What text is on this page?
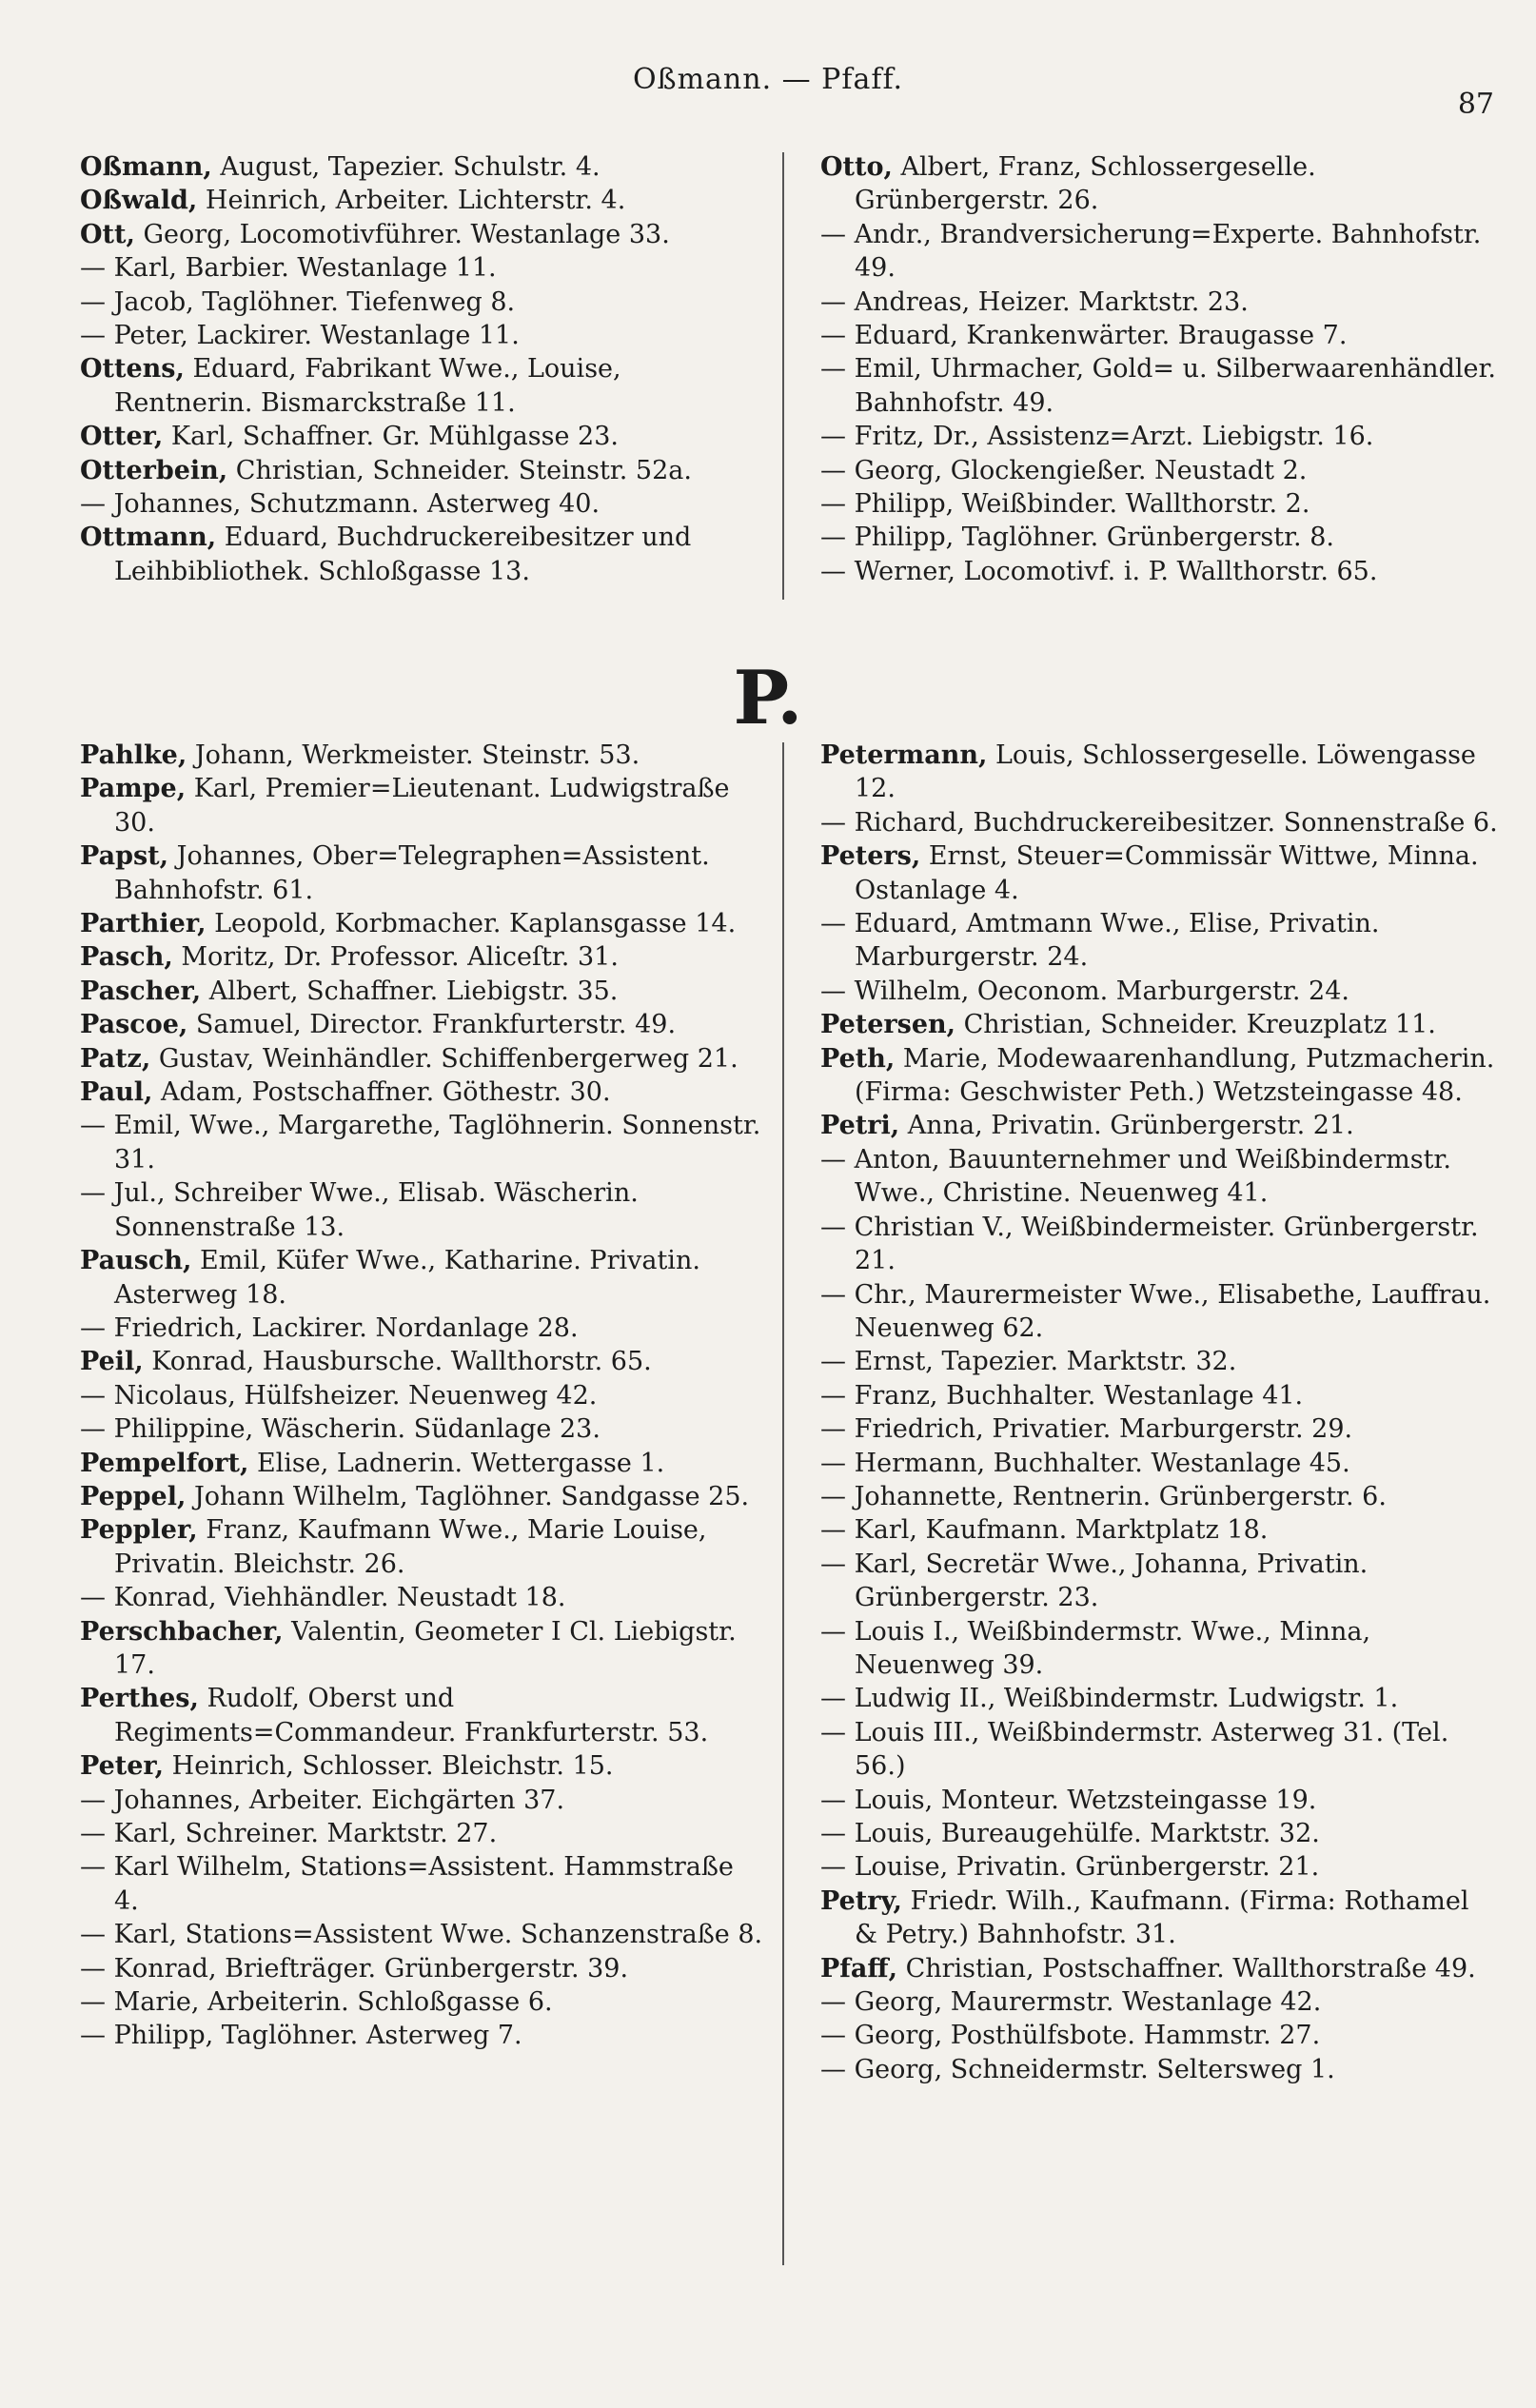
Oßmann. — Pfaff.
87
Oßmann, August, Tapezier. Schulstr. 4.
Oßwald, Heinrich, Arbeiter. Lichterstr. 4.
Ott, Georg, Locomotivführer. Westanlage 33.
— Karl, Barbier. Westanlage 11.
— Jacob, Taglöhner. Tiefenweg 8.
— Peter, Lackirer. Westanlage 11.
Ottens, Eduard, Fabrikant Wwe., Louise, Rentnerin. Bismarckstraße 11.
Otter, Karl, Schaffner. Gr. Mühlgasse 23.
Otterbein, Christian, Schneider. Steinstr. 52a.
— Johannes, Schutzmann. Asterweg 40.
Ottmann, Eduard, Buchdruckereibesitzer und Leihbibliothek. Schloßgasse 13.
Otto, Albert, Franz, Schlossergeselle. Grünbergerstr. 26.
— Andr., Brandversicherung=Experte. Bahnhofstr. 49.
— Andreas, Heizer. Marktstr. 23.
— Eduard, Krankenwärter. Braugasse 7.
— Emil, Uhrmacher, Gold= u. Silberwaarenhändler. Bahnhofstr. 49.
— Fritz, Dr., Assistenz=Arzt. Liebigstr. 16.
— Georg, Glockengießer. Neustadt 2.
— Philipp, Weißbinder. Wallthorstr. 2.
— Philipp, Taglöhner. Grünbergerstr. 8.
— Werner, Locomotivf. i. P. Wallthorstr. 65.
P.
Pahlke, Johann, Werkmeister. Steinstr. 53.
Pampe, Karl, Premier=Lieutenant. Ludwigstraße 30.
Papst, Johannes, Ober=Telegraphen=Assistent. Bahnhofstr. 61.
Parthier, Leopold, Korbmacher. Kaplansgasse 14.
Pasch, Moritz, Dr. Professor. Aliceſtr. 31.
Pascher, Albert, Schaffner. Liebigstr. 35.
Pascoe, Samuel, Director. Frankfurterstr. 49.
Patz, Gustav, Weinhändler. Schiffenbergerweg 21.
Paul, Adam, Postschaffner. Göthestr. 30.
— Emil, Wwe., Margarethe, Taglöhnerin. Sonnenstr. 31.
— Jul., Schreiber Wwe., Elisab. Wäscherin. Sonnenstraße 13.
Pausch, Emil, Küfer Wwe., Katharine. Privatin. Asterweg 18.
— Friedrich, Lackirer. Nordanlage 28.
Peil, Konrad, Hausbursche. Wallthorstr. 65.
— Nicolaus, Hülfsheizer. Neuenweg 42.
— Philippine, Wäscherin. Südanlage 23.
Pempelfort, Elise, Ladnerin. Wettergasse 1.
Peppel, Johann Wilhelm, Taglöhner. Sandgasse 25.
Peppler, Franz, Kaufmann Wwe., Marie Louise, Privatin. Bleichstr. 26.
— Konrad, Viehhändler. Neustadt 18.
Perschbacher, Valentin, Geometer I Cl. Liebigstr. 17.
Perthes, Rudolf, Oberst und Regiments=Commandeur. Frankfurterstr. 53.
Peter, Heinrich, Schlosser. Bleichstr. 15.
— Johannes, Arbeiter. Eichgärten 37.
— Karl, Schreiner. Marktstr. 27.
— Karl Wilhelm, Stations=Assistent. Hammstraße 4.
— Karl, Stations=Assistent Wwe. Schanzenstraße 8.
— Konrad, Briefträger. Grünbergerstr. 39.
— Marie, Arbeiterin. Schloßgasse 6.
— Philipp, Taglöhner. Asterweg 7.
Petermann, Louis, Schlossergeselle. Löwengasse 12.
— Richard, Buchdruckereibesitzer. Sonnenstraße 6.
Peters, Ernst, Steuer=Commissär Wittwe, Minna. Ostanlage 4.
— Eduard, Amtmann Wwe., Elise, Privatin. Marburgerstr. 24.
— Wilhelm, Oeconom. Marburgerstr. 24.
Petersen, Christian, Schneider. Kreuzplatz 11.
Peth, Marie, Modewaarenhandlung, Putzmacherin. (Firma: Geschwister Peth.) Wetzsteingasse 48.
Petri, Anna, Privatin. Grünbergerstr. 21.
— Anton, Bauunternehmer und Weißbindermstr. Wwe., Christine. Neuenweg 41.
— Christian V., Weißbindermeister. Grünbergerstr. 21.
— Chr., Maurermeister Wwe., Elisabethe, Lauffrau. Neuenweg 62.
— Ernst, Tapezier. Marktstr. 32.
— Franz, Buchhalter. Westanlage 41.
— Friedrich, Privatier. Marburgerstr. 29.
— Hermann, Buchhalter. Westanlage 45.
— Johannette, Rentnerin. Grünbergerstr. 6.
— Karl, Kaufmann. Marktplatz 18.
— Karl, Secretär Wwe., Johanna, Privatin. Grünbergerstr. 23.
— Louis I., Weißbindermstr. Wwe., Minna, Neuenweg 39.
— Ludwig II., Weißbindermstr. Ludwigstr. 1.
— Louis III., Weißbindermstr. Asterweg 31. (Tel. 56.)
— Louis, Monteur. Wetzsteingasse 19.
— Louis, Bureaugehülfe. Marktstr. 32.
— Louise, Privatin. Grünbergerstr. 21.
Petry, Friedr. Wilh., Kaufmann. (Firma: Rothamel & Petry.) Bahnhofstr. 31.
Pfaff, Christian, Postschaffner. Wallthorstraße 49.
— Georg, Maurermstr. Westanlage 42.
— Georg, Posthülfsbote. Hammstr. 27.
— Georg, Schneidermstr. Seltersweg 1.
